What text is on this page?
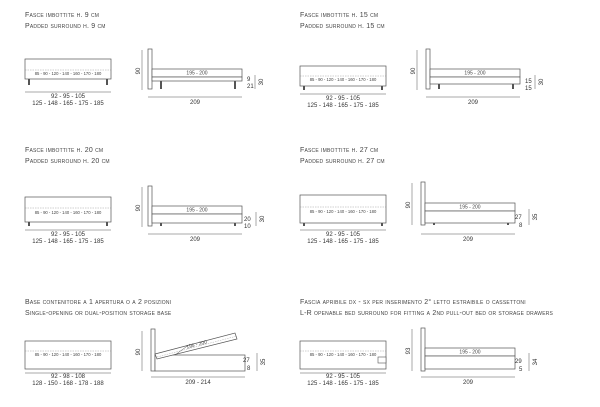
Fasce imbottite h. 9 cm
Padded surround h. 9 cm
85 - 90 - 120 - 140 - 160 - 170 - 180
92 - 95 - 105
125 - 148 - 165 - 175 - 185
90	195 - 200
9
21
30
209
Fasce imbottite h. 15 cm
Padded surround h. 15 cm
85 - 90 - 120 - 140 - 160 - 170 - 180
92 - 95 - 105
125 - 148 - 165 - 175 - 185
90	195 - 200
15
15
30
209
Fasce imbottite h. 20 cm
Padded surround h. 20 cm
85 - 90 - 120 - 140 - 160 - 170 - 180
92 - 95 - 105
125 - 148 - 165 - 175 - 185
90	195 - 200
20
10
30
209
Fasce imbottite h. 27 cm
Padded surround h. 27 cm
85 - 90 - 120 - 140 - 160 - 170 - 180
92 - 95 - 105
125 - 148 - 165 - 175 - 185
90	195 - 200
27
8
35
209
Base contenitore a 1 apertura o a 2 posizioni
Single-opening or dual-position storage base
85 - 90 - 120 - 140 - 160 - 170 - 180
92 - 98 - 108
128 - 150 - 168 - 178 - 188
90
195 - 200
27
8
35
209 - 214
Fascia apribile dx - sx per inserimento 2° letto estraibile o cassettoni
L-R openable bed surround for fitting a 2nd pull-out bed or storage drawers
85 - 90 - 120 - 140 - 160 - 170 - 180
92 - 95 - 105
125 - 148 - 165 - 175 - 185
93	195 - 200
29
5
34
209
